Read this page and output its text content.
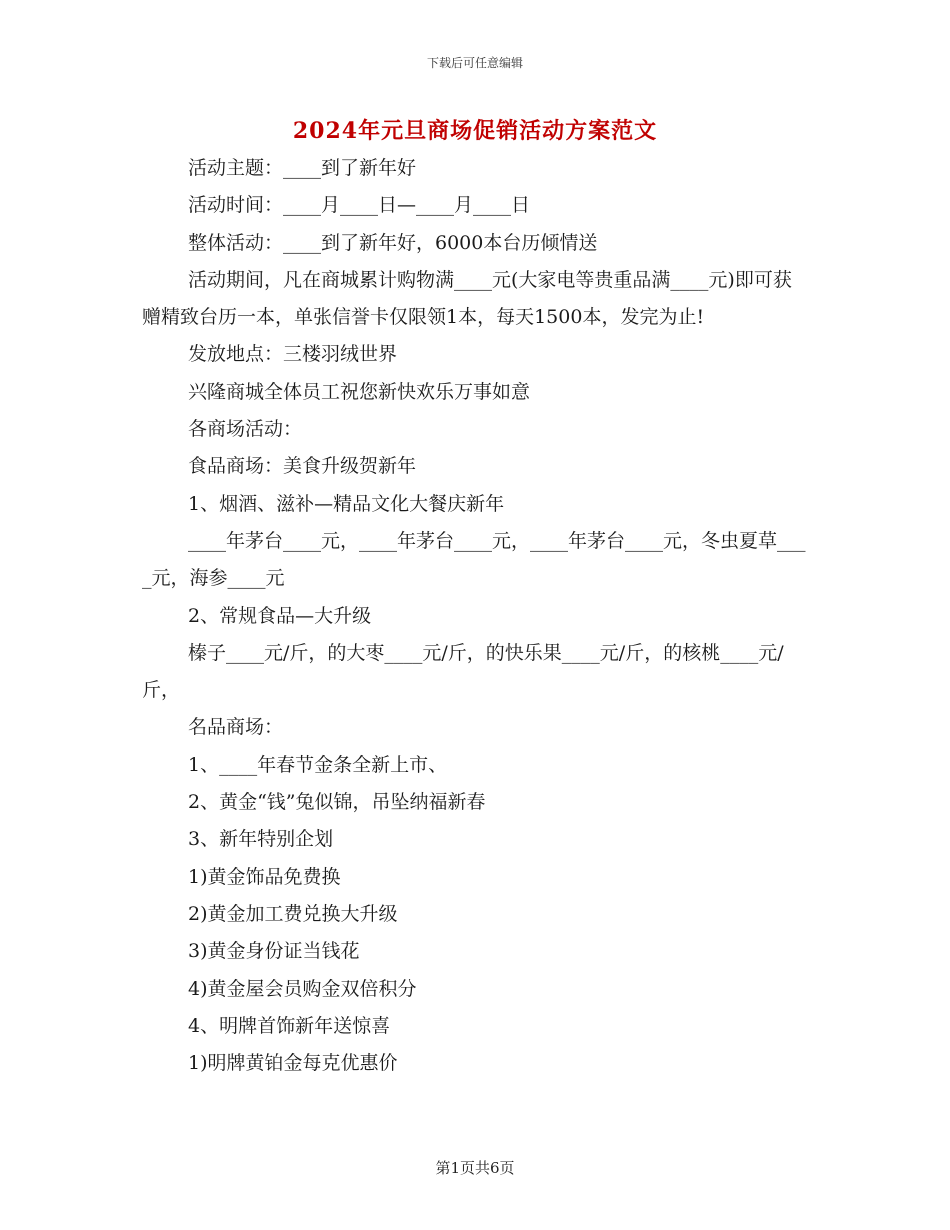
下载后可任意编辑
2024年元旦商场促销活动方案范文

活动主题：____到了新年好

活动时间：____月____日—____月____日

整体活动：____到了新年好，6000本台历倾情送

活动期间，凡在商城累计购物满____元(大家电等贵重品满____元)即可获赠精致台历一本，单张信誉卡仅限领1本，每天1500本，发完为止!

发放地点：三楼羽绒世界

兴隆商城全体员工祝您新快欢乐万事如意

各商场活动：

食品商场：美食升级贺新年

1、烟酒、滋补—精品文化大餐庆新年

____年茅台____元，____年茅台____元，____年茅台____元，冬虫夏草____元，海参____元

2、常规食品—大升级

榛子____元/斤，的大枣____元/斤，的快乐果____元/斤，的核桃____元/斤，

名品商场：

1、____年春节金条全新上市、

2、黄金“钱”兔似锦，吊坠纳福新春

3、新年特别企划

1)黄金饰品免费换

2)黄金加工费兑换大升级

3)黄金身份证当钱花

4)黄金屋会员购金双倍积分

4、明牌首饰新年送惊喜

1)明牌黄铂金每克优惠价

第1页共6页
